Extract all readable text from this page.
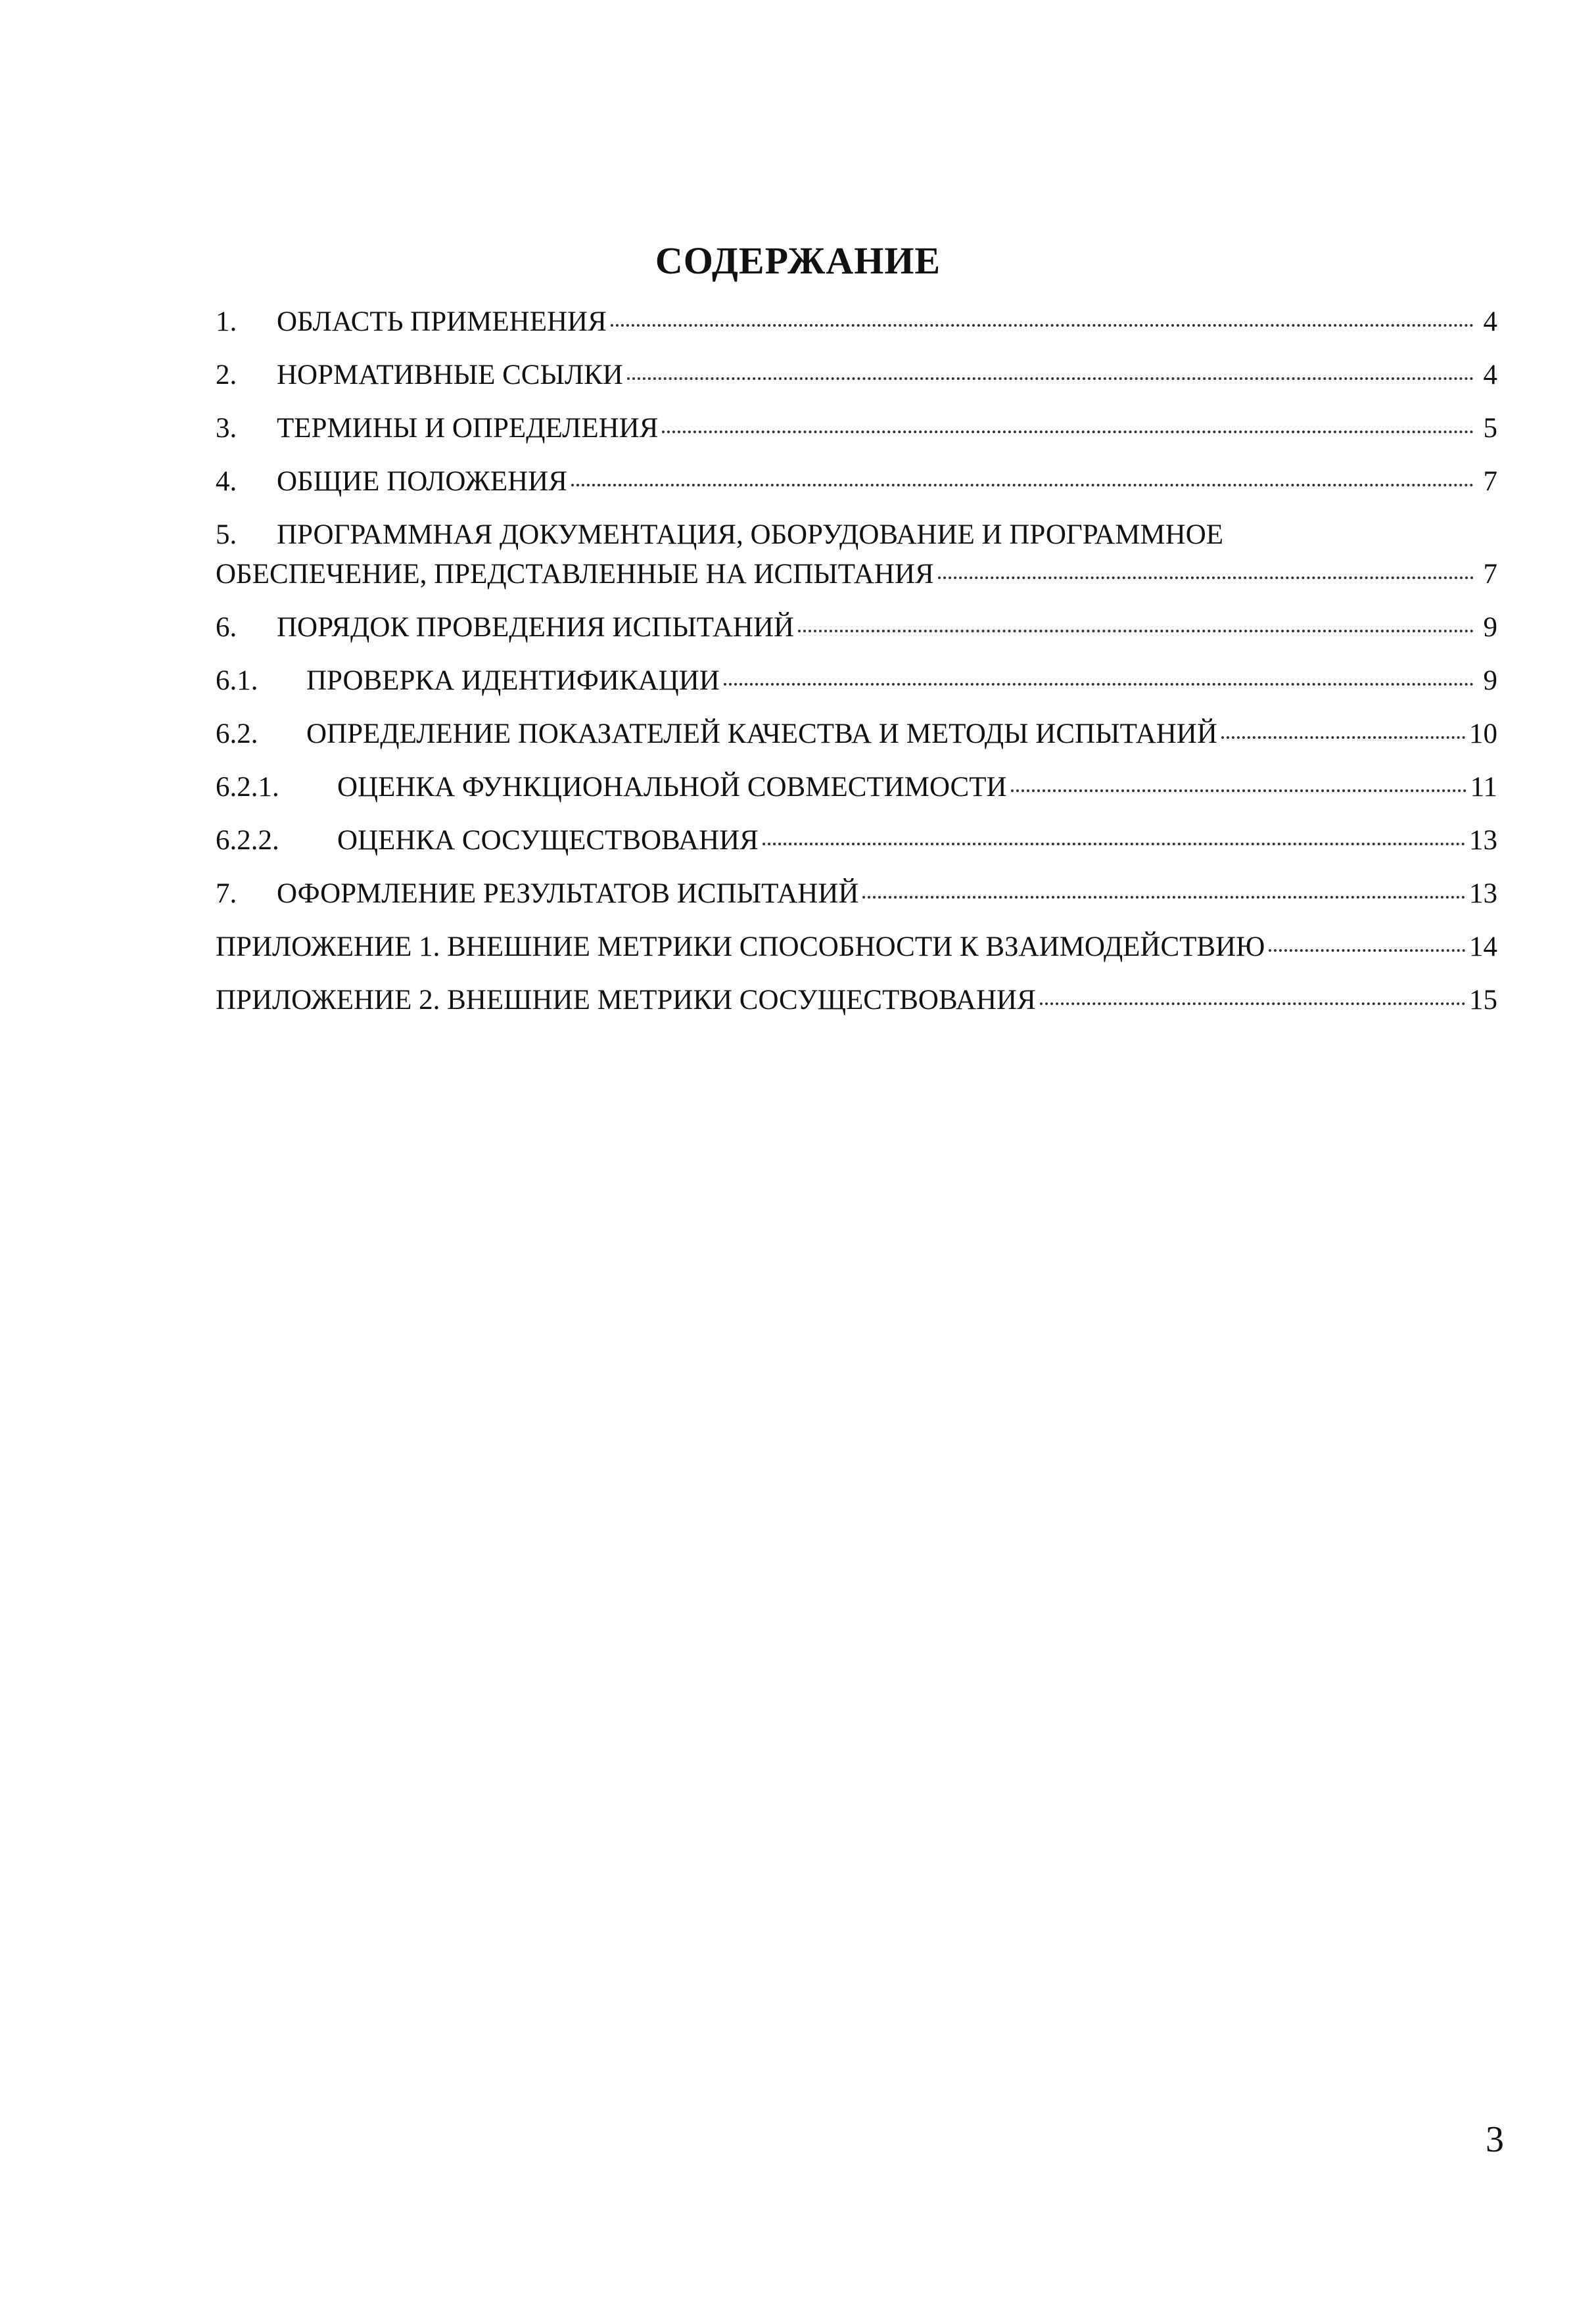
СОДЕРЖАНИЕ
1.	ОБЛАСТЬ ПРИМЕНЕНИЯ	4
2.	НОРМАТИВНЫЕ ССЫЛКИ	4
3.	ТЕРМИНЫ И ОПРЕДЕЛЕНИЯ	5
4.	ОБЩИЕ ПОЛОЖЕНИЯ	7
5. ПРОГРАММНАЯ ДОКУМЕНТАЦИЯ, ОБОРУДОВАНИЕ И ПРОГРАММНОЕ
ОБЕСПЕЧЕНИЕ, ПРЕДСТАВЛЕННЫЕ НА ИСПЫТАНИЯ	7
6.	ПОРЯДОК ПРОВЕДЕНИЯ ИСПЫТАНИЙ	9
6.1.	ПРОВЕРКА ИДЕНТИФИКАЦИИ	9
6.2.	ОПРЕДЕЛЕНИЕ ПОКАЗАТЕЛЕЙ КАЧЕСТВА И МЕТОДЫ ИСПЫТАНИЙ	10
6.2.1.	ОЦЕНКА ФУНКЦИОНАЛЬНОЙ СОВМЕСТИМОСТИ	11
6.2.2.	ОЦЕНКА СОСУЩЕСТВОВАНИЯ	13
7.	ОФОРМЛЕНИЕ РЕЗУЛЬТАТОВ ИСПЫТАНИЙ	13
ПРИЛОЖЕНИЕ 1. ВНЕШНИЕ МЕТРИКИ СПОСОБНОСТИ К ВЗАИМОДЕЙСТВИЮ	14
ПРИЛОЖЕНИЕ 2. ВНЕШНИЕ МЕТРИКИ СОСУЩЕСТВОВАНИЯ	15
3
